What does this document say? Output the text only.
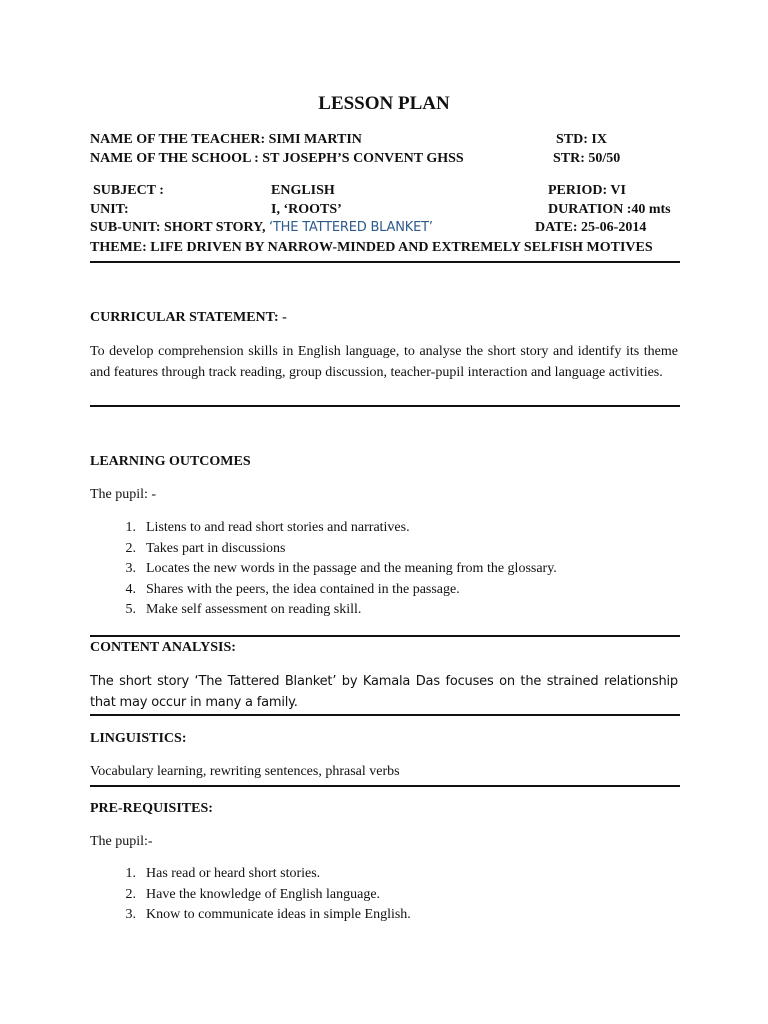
LESSON PLAN
NAME OF THE TEACHER: SIMI MARTIN	STD: IX
NAME OF THE SCHOOL : ST JOSEPH’S CONVENT GHSS	STR: 50/50
SUBJECT :	ENGLISH	PERIOD: VI
UNIT:	I, ‘ROOTS’	DURATION :40 mts
SUB-UNIT: SHORT STORY, ‘THE TATTERED BLANKET’	DATE: 25-06-2014
THEME: LIFE DRIVEN BY NARROW-MINDED AND EXTREMELY SELFISH MOTIVES
CURRICULAR STATEMENT: -
To develop comprehension skills in English language, to analyse the short story and identify its theme and features through track reading, group discussion, teacher-pupil interaction and language activities.
LEARNING OUTCOMES
The pupil: -
1. Listens to and read short stories and narratives.
2. Takes part in discussions
3. Locates the new words in the passage and the meaning from the glossary.
4. Shares with the peers, the idea contained in the passage.
5. Make self assessment on reading skill.
CONTENT ANALYSIS:
The short story ‘The Tattered Blanket’ by Kamala Das focuses on the strained relationship that may occur in many a family.
LINGUISTICS:
Vocabulary learning, rewriting sentences, phrasal verbs
PRE-REQUISITES:
The pupil:-
1. Has read or heard short stories.
2. Have the knowledge of English language.
3. Know to communicate ideas in simple English.
